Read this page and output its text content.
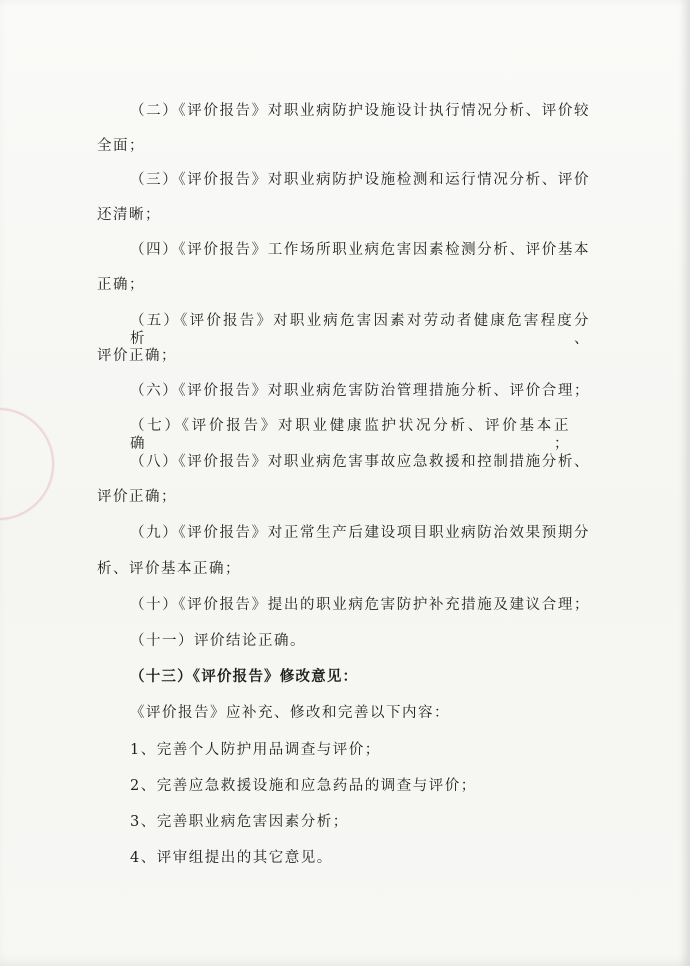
（二）《评价报告》对职业病防护设施设计执行情况分析、评价较
全面；
（三）《评价报告》对职业病防护设施检测和运行情况分析、评价
还清晰；
（四）《评价报告》工作场所职业病危害因素检测分析、评价基本
正确；
（五）《评价报告》对职业病危害因素对劳动者健康危害程度分析、
评价正确；
（六）《评价报告》对职业病危害防治管理措施分析、评价合理；
（七）《评价报告》对职业健康监护状况分析、评价基本正确；
（八）《评价报告》对职业病危害事故应急救援和控制措施分析、
评价正确；
（九）《评价报告》对正常生产后建设项目职业病防治效果预期分
析、评价基本正确；
（十）《评价报告》提出的职业病危害防护补充措施及建议合理；
（十一）评价结论正确。
（十三）《评价报告》修改意见：
《评价报告》应补充、修改和完善以下内容：
1、完善个人防护用品调查与评价；
2、完善应急救援设施和应急药品的调查与评价；
3、完善职业病危害因素分析；
4、评审组提出的其它意见。
